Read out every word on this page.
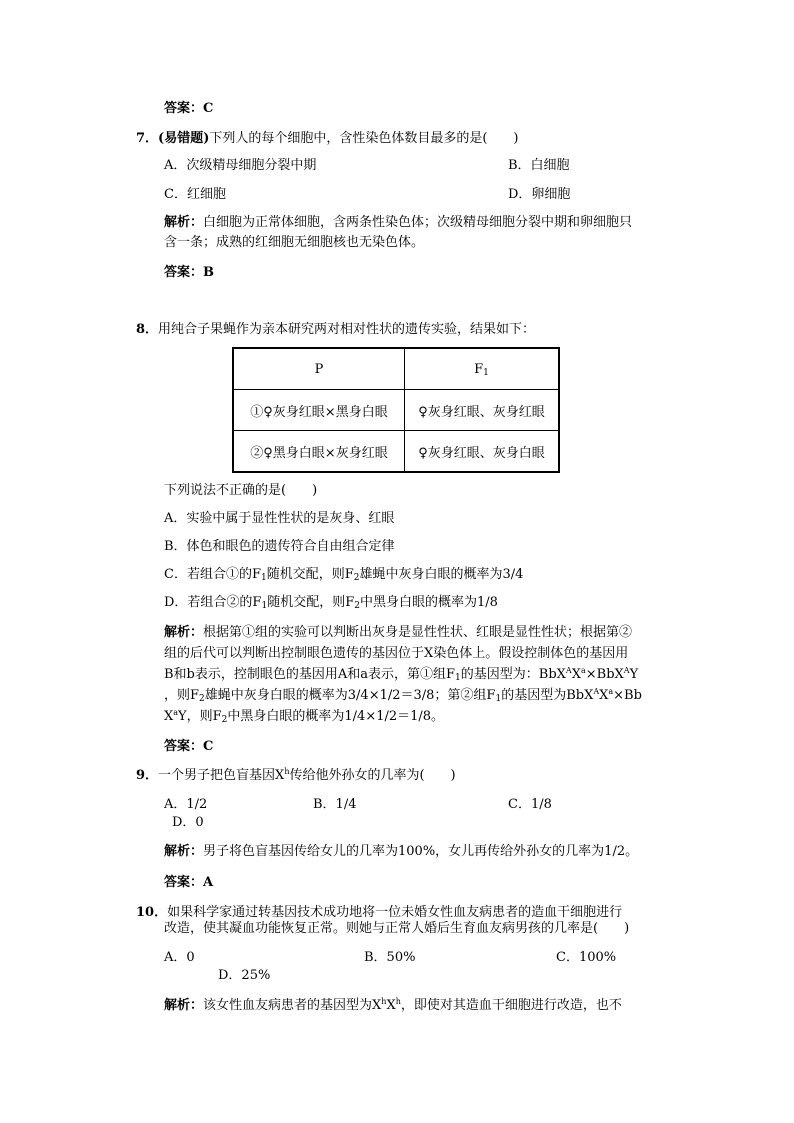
答案：C
7．(易错题)下列人的每个细胞中，含性染色体数目最多的是(　　)
A．次级精母细胞分裂中期	B．白细胞
C．红细胞	D．卵细胞
解析：白细胞为正常体细胞，含两条性染色体；次级精母细胞分裂中期和卵细胞只
含一条；成熟的红细胞无细胞核也无染色体。
答案：B
8．用纯合子果蝇作为亲本研究两对相对性状的遗传实验，结果如下：
P	$F_1$
①♀灰身红眼×黑身白眼	♀灰身红眼、灰身红眼
②♀黑身白眼×灰身红眼	♀灰身红眼、灰身白眼
下列说法不正确的是(　　)
A．实验中属于显性性状的是灰身、红眼
B．体色和眼色的遗传符合自由组合定律
C．若组合①的$F_1$随机交配，则$F_2$雄蝇中灰身白眼的概率为3/4
D．若组合②的$F_1$随机交配，则$F_2$中黑身白眼的概率为1/8
解析：根据第①组的实验可以判断出灰身是显性性状、红眼是显性性状；根据第②
组的后代可以判断出控制眼色遗传的基因位于X染色体上。假设控制体色的基因用
B和b表示，控制眼色的基因用A和a表示，第①组$F_1$的基因型为：$BbX^AX^a\times BbX^AY$
，则$F_2$雄蝇中灰身白眼的概率为3/4×1/2＝3/8；第②组$F_1$的基因型为$BbX^AX^a\times Bb$
$X^aY$，则$F_2$中黑身白眼的概率为1/4×1/2＝1/8。
答案：C
9．一个男子把色盲基因$X^h$传给他外孙女的几率为(　　)
A．1/2	B．1/4	C．1/8
D．0
解析：男子将色盲基因传给女儿的几率为100%，女儿再传给外孙女的几率为1/2。
答案：A
10．如果科学家通过转基因技术成功地将一位未婚女性血友病患者的造血干细胞进行
改造，使其凝血功能恢复正常。则她与正常人婚后生育血友病男孩的几率是(　　)
A．0	B．50%	C．100%
D．25%
解析：该女性血友病患者的基因型为$X^hX^h$，即使对其造血干细胞进行改造，也不
